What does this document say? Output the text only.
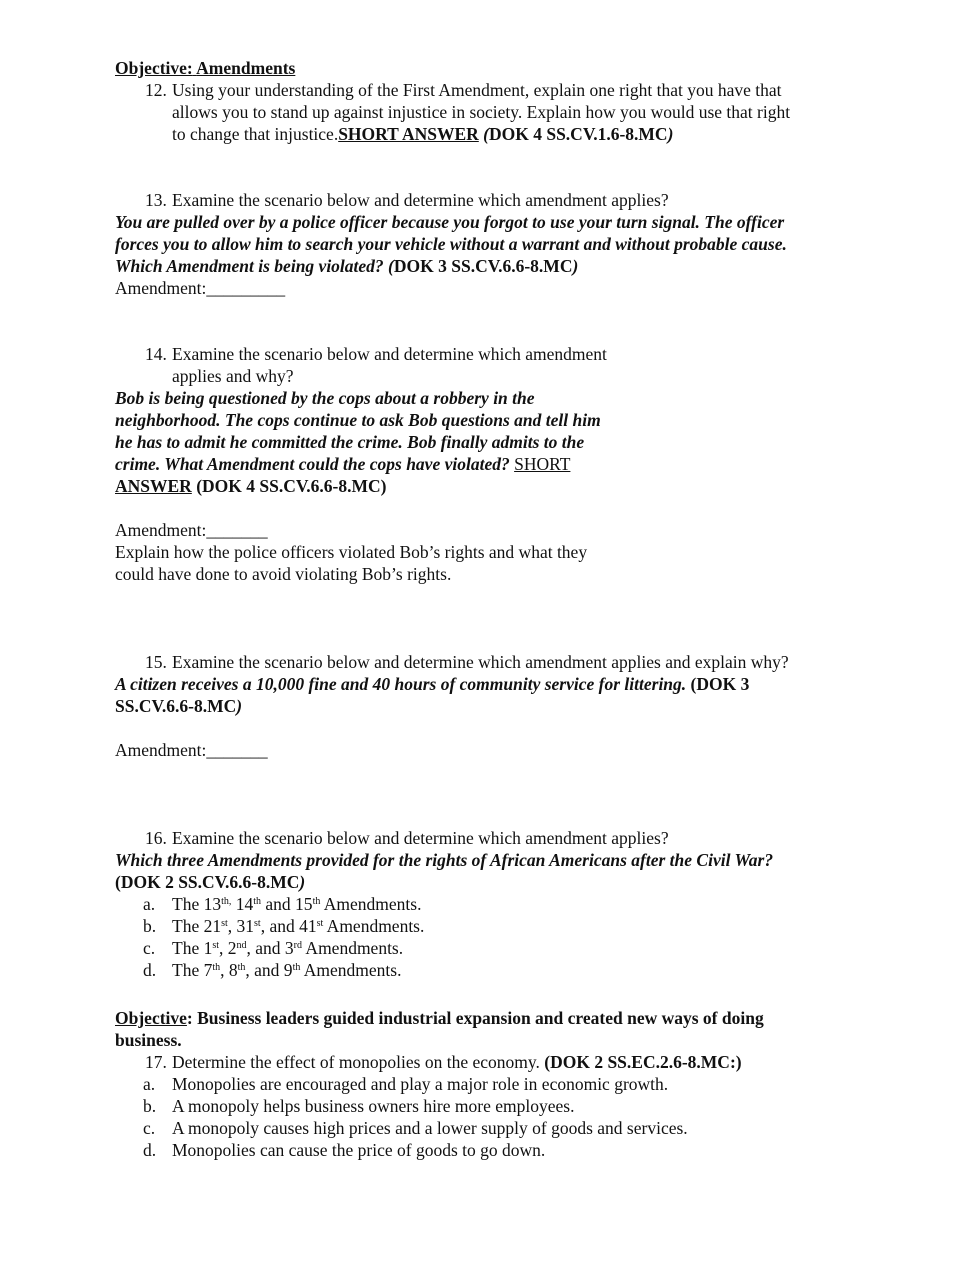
Objective: Amendments
12. Using your understanding of the First Amendment, explain one right that you have that
allows you to stand up against injustice in society. Explain how you would use that right
to change that injustice.SHORT ANSWER (DOK 4 SS.CV.1.6-8.MC)
13. Examine the scenario below and determine which amendment applies?
You are pulled over by a police officer because you forgot to use your turn signal. The officer
forces you to allow him to search your vehicle without a warrant and without probable cause.
Which Amendment is being violated? (DOK 3 SS.CV.6.6-8.MC)
Amendment:_________
14. Examine the scenario below and determine which amendment
applies and why?
Bob is being questioned by the cops about a robbery in the
neighborhood. The cops continue to ask Bob questions and tell him
he has to admit he committed the crime. Bob finally admits to the
crime. What Amendment could the cops have violated? SHORT
ANSWER (DOK 4 SS.CV.6.6-8.MC)
Amendment:_______
Explain how the police officers violated Bob’s rights and what they
could have done to avoid violating Bob’s rights.
15. Examine the scenario below and determine which amendment applies and explain why?
A citizen receives a 10,000 fine and 40 hours of community service for littering. (DOK 3
SS.CV.6.6-8.MC)
Amendment:_______
16. Examine the scenario below and determine which amendment applies?
Which three Amendments provided for the rights of African Americans after the Civil War?
(DOK 2 SS.CV.6.6-8.MC)
a. The $13^{th,}$ 14th and 15th Amendments.
b. The 21st, 31st, and 41st Amendments.
c. The 1st, 2nd, and 3rd Amendments.
d. The 7th, 8th, and 9th Amendments.
Objective: Business leaders guided industrial expansion and created new ways of doing
business.
17. Determine the effect of monopolies on the economy. (DOK 2 SS.EC.2.6-8.MC:)
a. Monopolies are encouraged and play a major role in economic growth.
b. A monopoly helps business owners hire more employees.
c. A monopoly causes high prices and a lower supply of goods and services.
d. Monopolies can cause the price of goods to go down.
